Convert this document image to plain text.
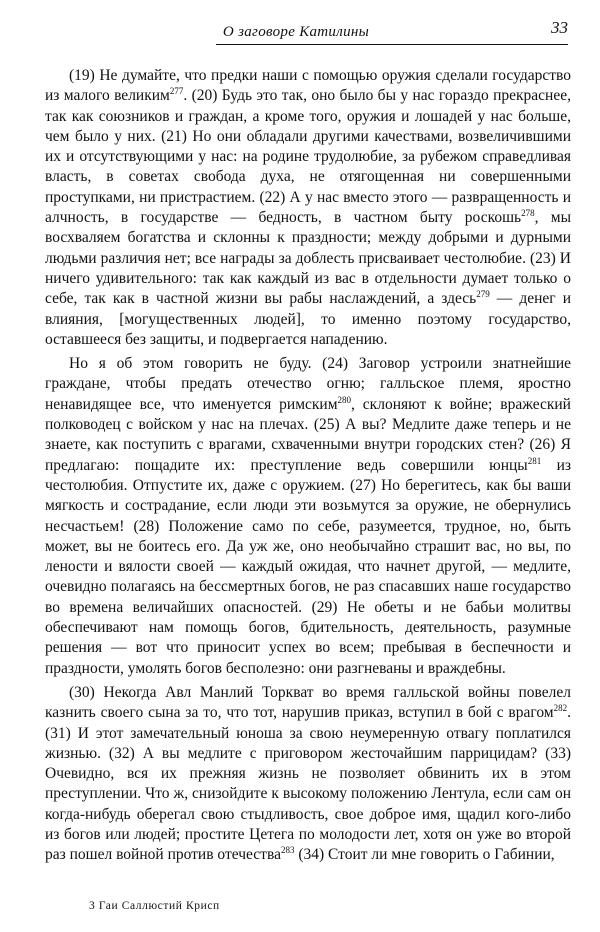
О заговоре Катилины	33

(19) Не думайте, что предки наши с помощью оружия сделали государство из малого великим$^{277}$. (20) Будь это так, оно было бы у нас гораздо прекраснее, так как союзников и граждан, а кроме того, оружия и лошадей у нас больше, чем было у них. (21) Но они обладали другими качествами, возвеличившими их и отсутствующими у нас: на родине трудолюбие, за рубежом справедливая власть, в советах свобода духа, не отягощенная ни совершенными проступками, ни пристрастием. (22) А у нас вместо этого — развращенность и алчность, в государстве — бедность, в частном быту роскошь$^{278}$, мы восхваляем богатства и склонны к праздности; между добрыми и дурными людьми различия нет; все награды за доблесть присваивает честолюбие. (23) И ничего удивительного: так как каждый из вас в отдельности думает только о себе, так как в частной жизни вы рабы наслаждений, а здесь$^{279}$ — денег и влияния, [могущественных людей], то именно поэтому государство, оставшееся без защиты, и подвергается нападению.

Но я об этом говорить не буду. (24) Заговор устроили знатнейшие граждане, чтобы предать отечество огню; галльское племя, яростно ненавидящее все, что именуется римским$^{280}$, склоняют к войне; вражеский полководец с войском у нас на плечах. (25) А вы? Медлите даже теперь и не знаете, как поступить с врагами, схваченными внутри городских стен? (26) Я предлагаю: пощадите их: преступление ведь совершили юнцы$^{281}$ из честолюбия. Отпустите их, даже с оружием. (27) Но берегитесь, как бы ваши мягкость и сострадание, если люди эти возьмутся за оружие, не обернулись несчастьем! (28) Положение само по себе, разумеется, трудное, но, быть может, вы не боитесь его. Да уж же, оно необычайно страшит вас, но вы, по лености и вялости своей — каждый ожидая, что начнет другой, — медлите, очевидно полагаясь на бессмертных богов, не раз спасавших наше государство во времена величайших опасностей. (29) Не обеты и не бабьи молитвы обеспечивают нам помощь богов, бдительность, деятельность, разумные решения — вот что приносит успех во всем; пребывая в беспечности и праздности, умолять богов бесполезно: они разгневаны и враждебны.

(30) Некогда Авл Манлий Торкват во время галльской войны повелел казнить своего сына за то, что тот, нарушив приказ, вступил в бой с врагом$^{282}$. (31) И этот замечательный юноша за свою неумеренную отвагу поплатился жизнью. (32) А вы медлите с приговором жесточайшим паррицидам? (33) Очевидно, вся их прежняя жизнь не позволяет обвинить их в этом преступлении. Что ж, снизойдите к высокому положению Лентула, если сам он когда-нибудь оберегал свою стыдливость, свое доброе имя, щадил кого-либо из богов или людей; простите Цетега по молодости лет, хотя он уже во второй раз пошел войной против отечества$^{283}$ (34) Стоит ли мне говорить о Габинии,

3 Гаи Саллюстий Крисп
